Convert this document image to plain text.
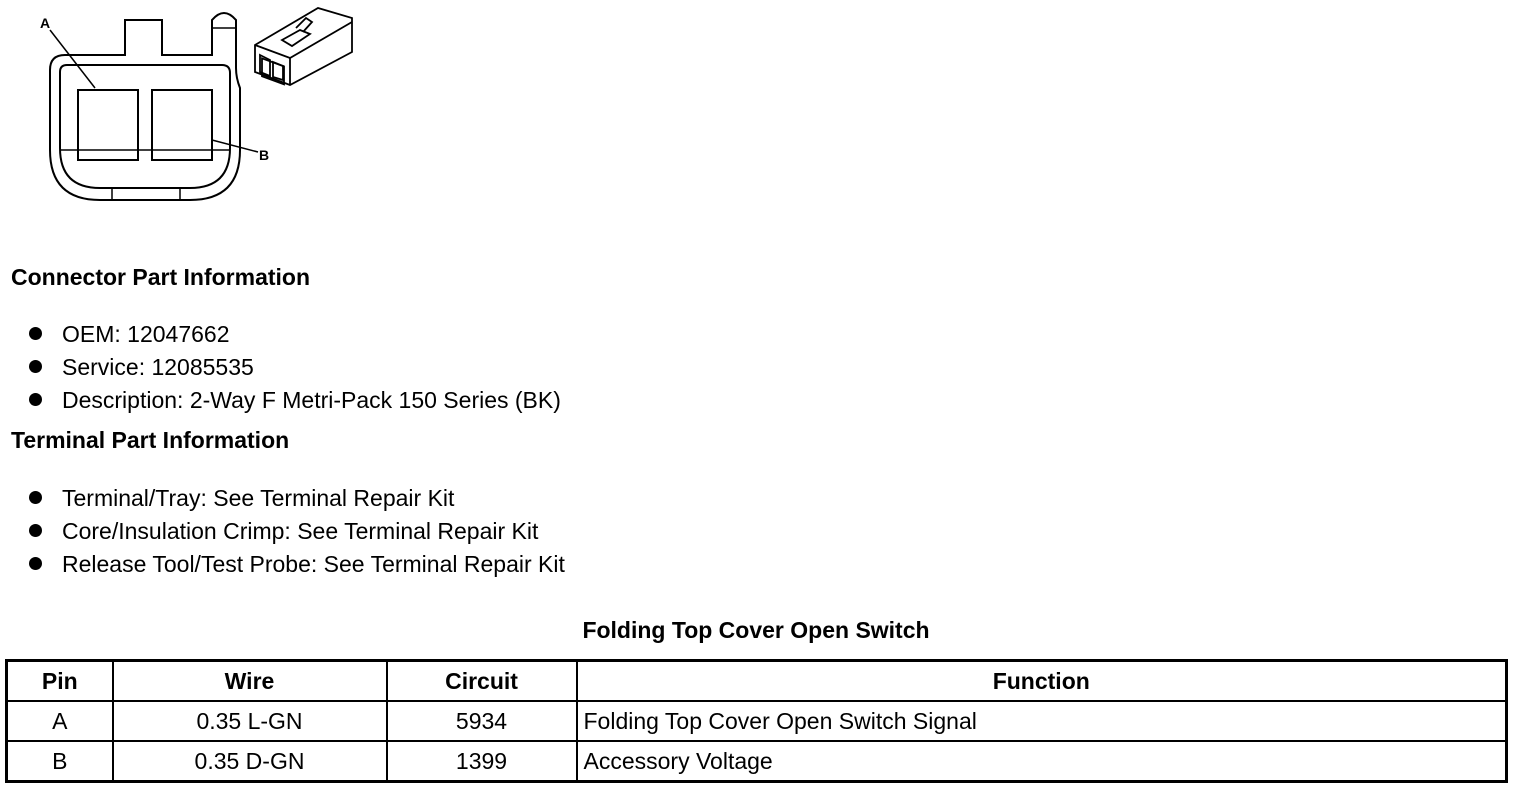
A
B
Connector Part Information
OEM: 12047662
Service: 12085535
Description: 2-Way F Metri-Pack 150 Series (BK)
Terminal Part Information
Terminal/Tray: See Terminal Repair Kit
Core/Insulation Crimp: See Terminal Repair Kit
Release Tool/Test Probe: See Terminal Repair Kit
Folding Top Cover Open Switch
Pin	Wire	Circuit	Function
A	0.35 L-GN	5934	Folding Top Cover Open Switch Signal
B	0.35 D-GN	1399	Accessory Voltage
